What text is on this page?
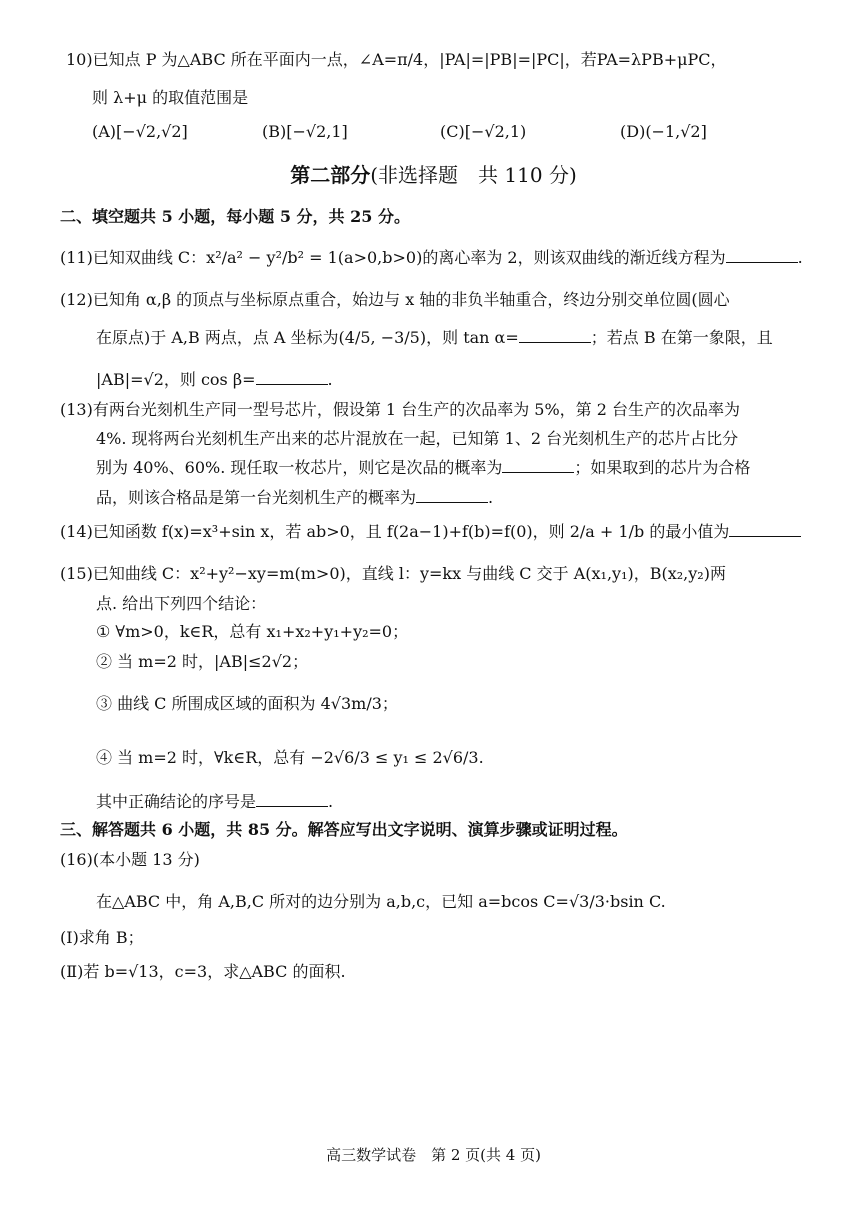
10)已知点 P 为△ABC 所在平面内一点，∠A=π/4，|PA|=|PB|=|PC|，若PA=λPB+μPC，
则 λ+μ 的取值范围是
(A)[−√2,√2]	(B)[−√2,1]	(C)[−√2,1)	(D)(−1,√2]
第二部分(非选择题　共 110 分)
二、填空题共 5 小题，每小题 5 分，共 25 分。
(11)已知双曲线 C：x²/a² − y²/b² = 1(a>0,b>0)的离心率为 2，则该双曲线的渐近线方程为	.
(12)已知角 α,β 的顶点与坐标原点重合，始边与 x 轴的非负半轴重合，终边分别交单位圆(圆心
在原点)于 A,B 两点，点 A 坐标为(4/5, −3/5)，则 tan α=	；若点 B 在第一象限，且
|AB|=√2，则 cos β=	.
(13)有两台光刻机生产同一型号芯片，假设第 1 台生产的次品率为 5%，第 2 台生产的次品率为
4%. 现将两台光刻机生产出来的芯片混放在一起，已知第 1、2 台光刻机生产的芯片占比分
别为 40%、60%. 现任取一枚芯片，则它是次品的概率为	；如果取到的芯片为合格
品，则该合格品是第一台光刻机生产的概率为	.
(14)已知函数 f(x)=x³+sin x，若 ab>0，且 f(2a−1)+f(b)=f(0)，则 2/a + 1/b 的最小值为
(15)已知曲线 C：x²+y²−xy=m(m>0)，直线 l：y=kx 与曲线 C 交于 A(x₁,y₁)，B(x₂,y₂)两
点. 给出下列四个结论：
① ∀m>0，k∈R，总有 x₁+x₂+y₁+y₂=0；
② 当 m=2 时，|AB|≤2√2；
③ 曲线 C 所围成区域的面积为 4√3m/3；
④ 当 m=2 时，∀k∈R，总有 −2√6/3 ≤ y₁ ≤ 2√6/3.
其中正确结论的序号是	.
三、解答题共 6 小题，共 85 分。解答应写出文字说明、演算步骤或证明过程。
(16)(本小题 13 分)
在△ABC 中，角 A,B,C 所对的边分别为 a,b,c，已知 a=bcos C=√3/3·bsin C.
(Ⅰ)求角 B；
(Ⅱ)若 b=√13，c=3，求△ABC 的面积.
高三数学试卷　第 2 页(共 4 页)
